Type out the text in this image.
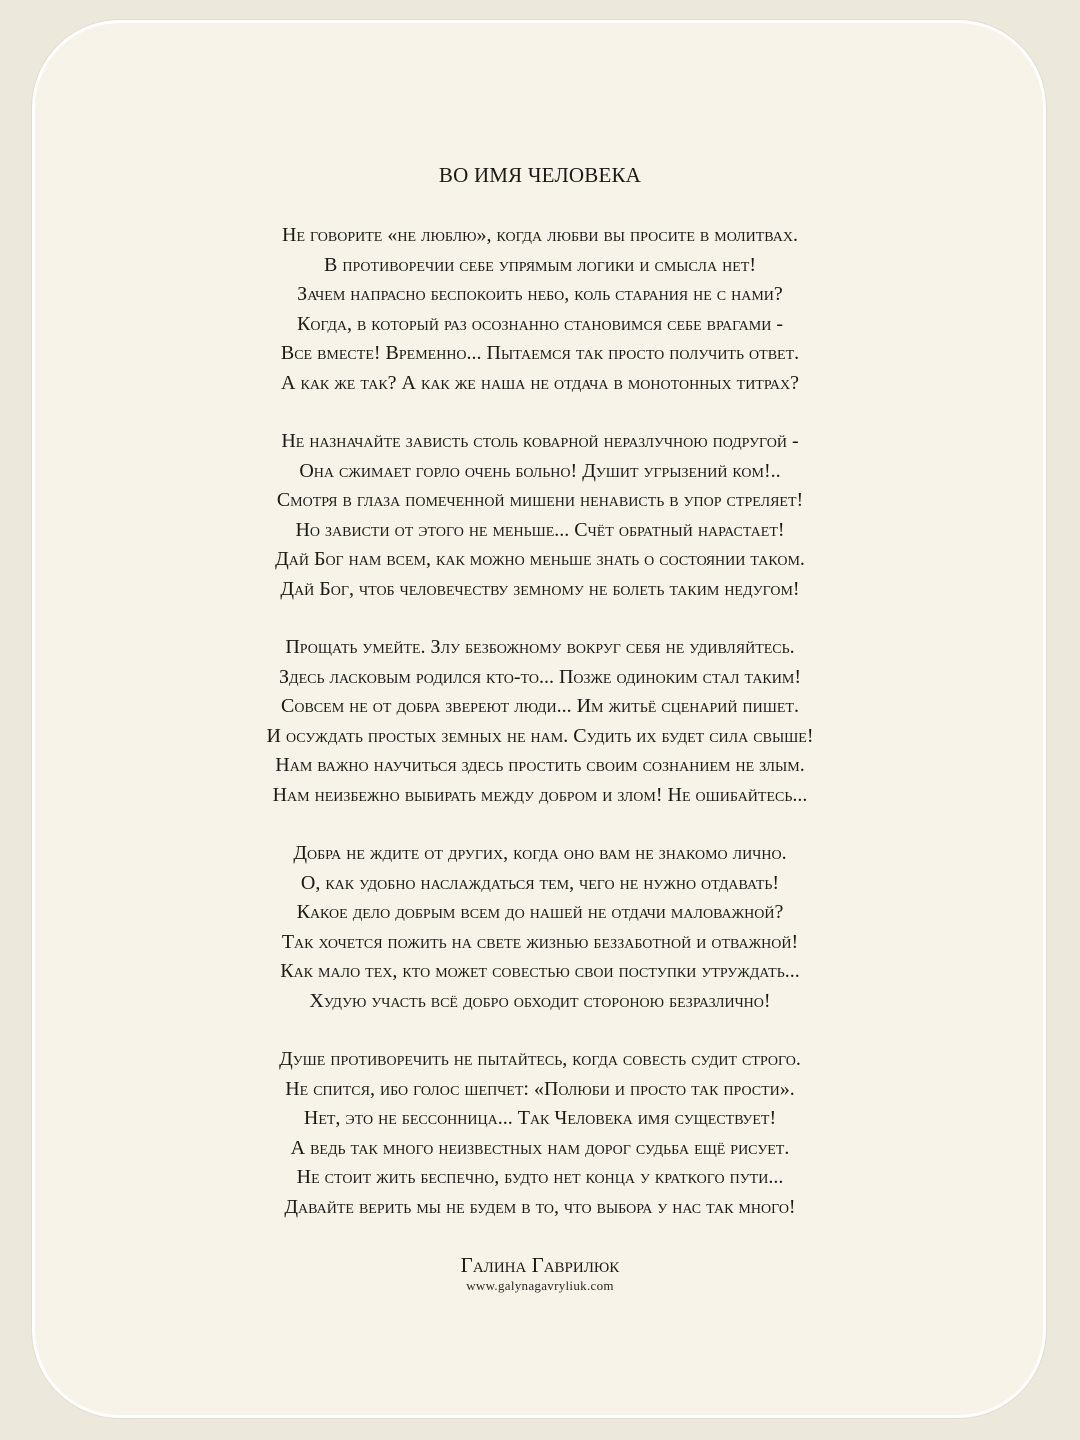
ВО ИМЯ ЧЕЛОВЕКА
Не говорите «не люблю», когда любви вы просите в молитвах.
В противоречии себе упрямым логики и смысла нет!
Зачем напрасно беспокоить небо, коль старания не с нами?
Когда, в который раз осознанно становимся себе врагами -
Все вместе! Временно... Пытаемся так просто получить ответ.
А как же так? А как же наша не отдача в монотонных титрах?
Не назначайте зависть столь коварной неразлучною подругой -
Она сжимает горло очень больно! Душит угрызений ком!..
Смотря в глаза помеченной мишени ненависть в упор стреляет!
Но зависти от этого не меньше... Счёт обратный нарастает!
Дай Бог нам всем, как можно меньше знать о состоянии таком.
Дай Бог, чтоб человечеству земному не болеть таким недугом!
Прощать умейте. Злу безбожному вокруг себя не удивляйтесь.
Здесь ласковым родился кто-то... Позже одиноким стал таким!
Совсем не от добра звереют люди... Им житьё сценарий пишет.
И осуждать простых земных не нам. Судить их будет сила свыше!
Нам важно научиться здесь простить своим сознанием не злым.
Нам неизбежно выбирать между добром и злом! Не ошибайтесь...
Добра не ждите от других, когда оно вам не знакомо лично.
О, как удобно наслаждаться тем, чего не нужно отдавать!
Какое дело добрым всем до нашей не отдачи маловажной?
Так хочется пожить на свете жизнью беззаботной и отважной!
Как мало тех, кто может совестью свои поступки утруждать...
Худую участь всё добро обходит стороною безразлично!
Душе противоречить не пытайтесь, когда совесть судит строго.
Не спится, ибо голос шепчет: «Полюби и просто так прости».
Нет, это не бессонница... Так Человека имя существует!
А ведь так много неизвестных нам дорог судьба ещё рисует.
Не стоит жить беспечно, будто нет конца у краткого пути...
Давайте верить мы не будем в то, что выбора у нас так много!
Галина Гаврилюк
www.galynagavryliuk.com
